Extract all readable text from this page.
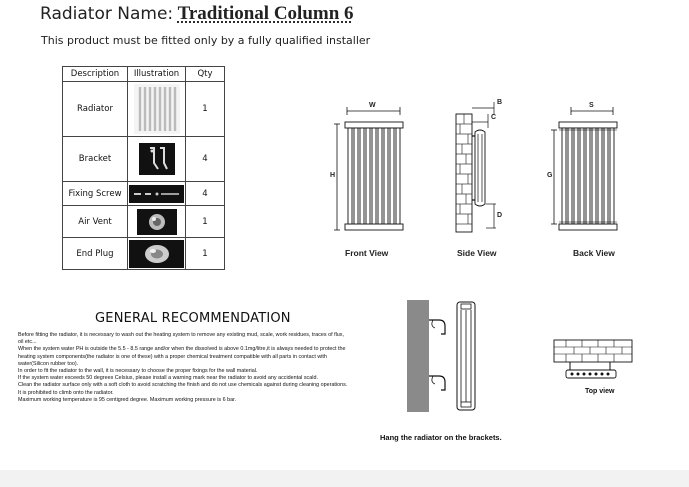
Radiator Name: Traditional Column 6
This product must be fitted only by a fully qualified installer
Description	Illustration	Qty
Radiator		1
Bracket		4
Fixing Screw		4
Air Vent		1
End Plug		1
W
H
Front View
B
C
D
Side View
S
G
Back View
GENERAL RECOMMENDATION

Before fitting the radiator, it is necessary to wash out the heating system to remove any existing mud, scale, work residues, traces of flux, oil etc...

When the system water PH is outside the 5.5 - 8.5 range and/or when the dissolved is above 0.1mg/litre,it is always needed to protect the heating system components(the radiator is one of these) with a proper chemical treatment compatible with all parts in contact with water(Silicon rubber too).

In order to fit the radiator to the wall, it is necessary to choose the proper fixings for the wall material.

If the system water exceeds 50 degrees Celsius, please install a warning mark near the radiator to avoid any accidental scald.

Clean the radiator surface only with a soft cloth to avoid scratching the finish and do not use chemicals against during cleaning operations.

It is prohibited to climb onto the radiator.

Maximum working temperature is 95 centigred degree. Maximum working pressure is 6 bar.

Hang the radiator on the brackets.
Top view
